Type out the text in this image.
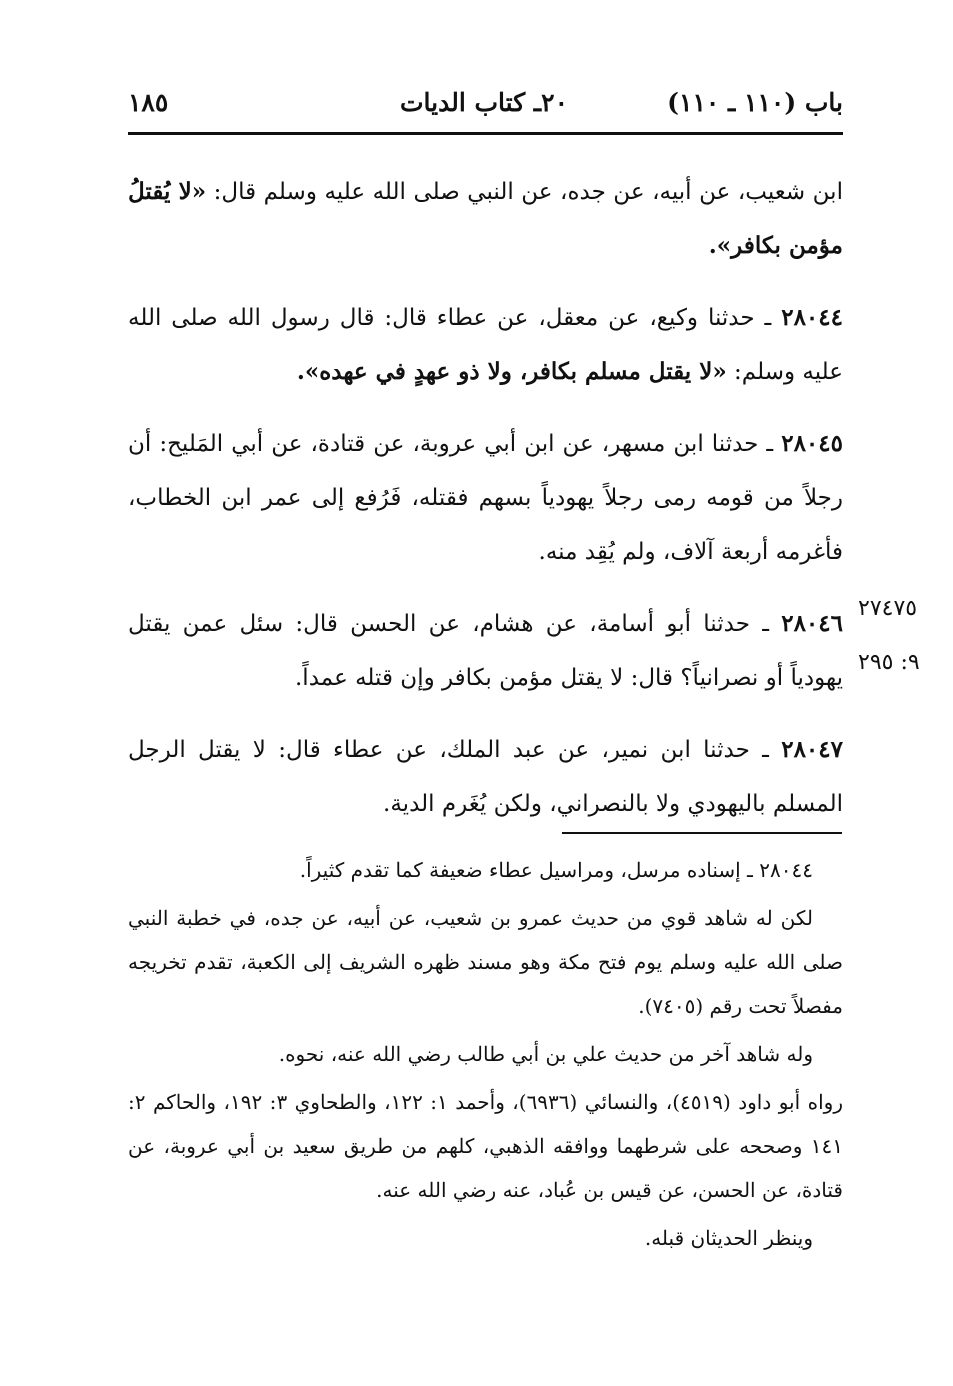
باب (١١٠ ـ ١١٠)
٢٠ـ كتاب الديات
١٨٥

ابن شعيب، عن أبيه، عن جده، عن النبي صلى الله عليه وسلم قال: «لا يُقتلُ مؤمن بكافر».

٢٨٠٤٤ ـ حدثنا وكيع، عن معقل، عن عطاء قال: قال رسول الله صلى الله عليه وسلم: «لا يقتل مسلم بكافر، ولا ذو عهدٍ في عهده».

٢٨٠٤٥ ـ حدثنا ابن مسهر، عن ابن أبي عروبة، عن قتادة، عن أبي المَليح: أن رجلاً من قومه رمى رجلاً يهودياً بسهم فقتله، فَرُفع إلى عمر ابن الخطاب، فأغرمه أربعة آلاف، ولم يُقِد منه.

٢٨٠٤٦ ـ حدثنا أبو أسامة، عن هشام، عن الحسن قال: سئل عمن يقتل يهودياً أو نصرانياً؟ قال: لا يقتل مؤمن بكافر وإن قتله عمداً.

٢٨٠٤٧ ـ حدثنا ابن نمير، عن عبد الملك، عن عطاء قال: لا يقتل الرجل المسلم باليهودي ولا بالنصراني، ولكن يُغَرم الدية.

٢٧٤٧٥
٩: ٢٩٥

٢٨٠٤٤ ـ إسناده مرسل، ومراسيل عطاء ضعيفة كما تقدم كثيراً.

لكن له شاهد قوي من حديث عمرو بن شعيب، عن أبيه، عن جده، في خطبة النبي صلى الله عليه وسلم يوم فتح مكة وهو مسند ظهره الشريف إلى الكعبة، تقدم تخريجه مفصلاً تحت رقم (٧٤٠٥).

وله شاهد آخر من حديث علي بن أبي طالب رضي الله عنه، نحوه.

رواه أبو داود (٤٥١٩)، والنسائي (٦٩٣٦)، وأحمد ١: ١٢٢، والطحاوي ٣: ١٩٢، والحاكم ٢: ١٤١ وصححه على شرطهما ووافقه الذهبي، كلهم من طريق سعيد بن أبي عروبة، عن قتادة، عن الحسن، عن قيس بن عُباد، عنه رضي الله عنه.

وينظر الحديثان قبله.
